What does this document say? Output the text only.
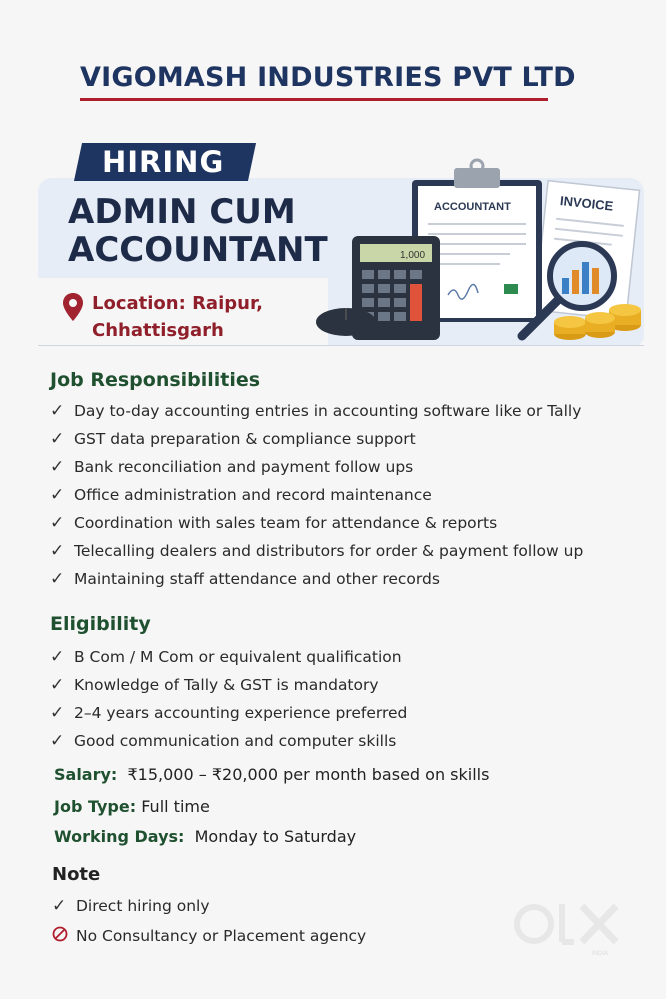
VIGOMASH INDUSTRIES PVT LTD
HIRING
ADMIN CUM
ACCOUNTANT
Location: Raipur,
Chhattisgarh
INVOICE
ACCOUNTANT
1,000
Job Responsibilities
✓ Day to-day accounting entries in accounting software like or Tally
✓ GST data preparation & compliance support
✓ Bank reconciliation and payment follow ups
✓ Office administration and record maintenance
✓ Coordination with sales team for attendance & reports
✓ Telecalling dealers and distributors for order & payment follow up
✓ Maintaining staff attendance and other records
Eligibility
✓ B Com / M Com or equivalent qualification
✓ Knowledge of Tally & GST is mandatory
✓ 2–4 years accounting experience preferred
✓ Good communication and computer skills
Salary: ₹15,000 – ₹20,000 per month based on skills
Job Type: Full time
Working Days: Monday to Saturday
Note
✓ Direct hiring only
No Consultancy or Placement agency
INDIA
